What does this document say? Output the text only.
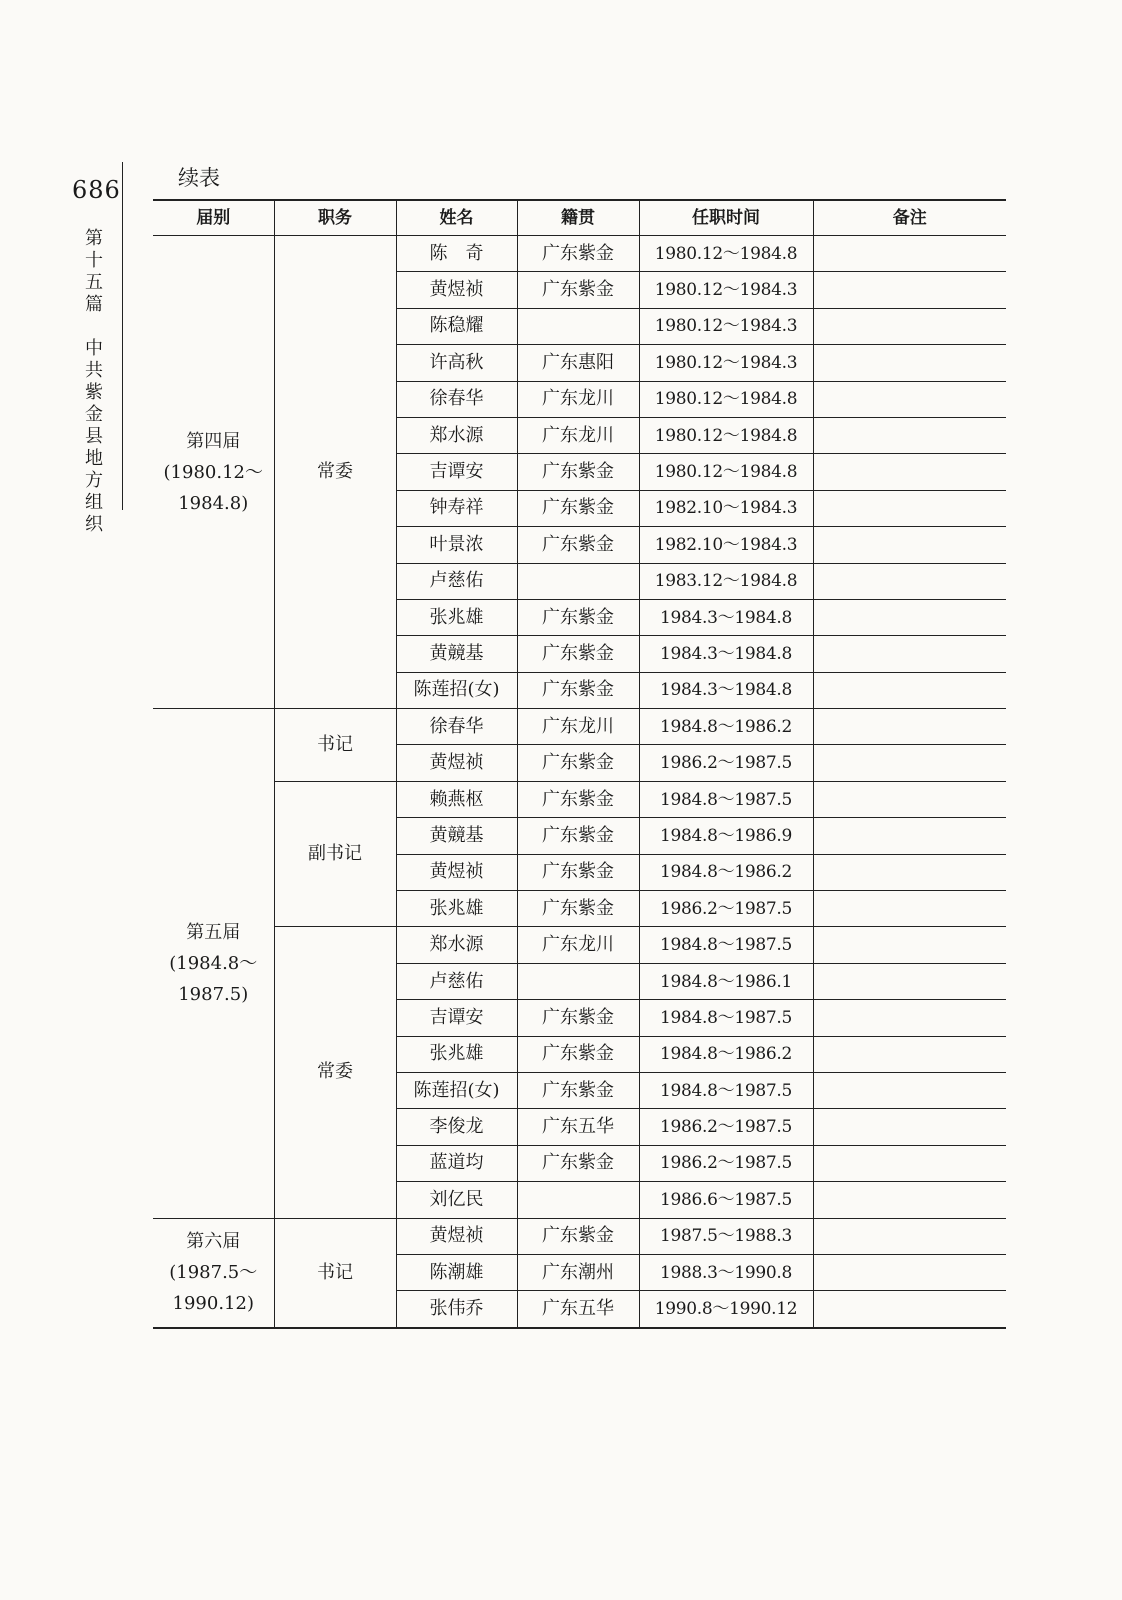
686
第十五篇　中共紫金县地方组织
续表
届别	职务	姓名	籍贯	任职时间	备注

第四届
(1980.12～
1984.8)	常委	陈　奇	广东紫金	1980.12～1984.8	
		黄煜祯	广东紫金	1980.12～1984.3	
		陈稳耀		1980.12～1984.3	
		许高秋	广东惠阳	1980.12～1984.3	
		徐春华	广东龙川	1980.12～1984.8	
		郑水源	广东龙川	1980.12～1984.8	
		吉谭安	广东紫金	1980.12～1984.8	
		钟寿祥	广东紫金	1982.10～1984.3	
		叶景浓	广东紫金	1982.10～1984.3	
		卢慈佑		1983.12～1984.8	
		张兆雄	广东紫金	1984.3～1984.8	
		黄竸基	广东紫金	1984.3～1984.8	
		陈莲招(女)	广东紫金	1984.3～1984.8	

第五届
(1984.8～
1987.5)	书记	徐春华	广东龙川	1984.8～1986.2	
		黄煜祯	广东紫金	1986.2～1987.5	
	副书记	赖燕枢	广东紫金	1984.8～1987.5	
		黄竸基	广东紫金	1984.8～1986.9	
		黄煜祯	广东紫金	1984.8～1986.2	
		张兆雄	广东紫金	1986.2～1987.5	
	常委	郑水源	广东龙川	1984.8～1987.5	
		卢慈佑		1984.8～1986.1	
		吉谭安	广东紫金	1984.8～1987.5	
		张兆雄	广东紫金	1984.8～1986.2	
		陈莲招(女)	广东紫金	1984.8～1987.5	
		李俊龙	广东五华	1986.2～1987.5	
		蓝道均	广东紫金	1986.2～1987.5	
		刘亿民		1986.6～1987.5	

第六届
(1987.5～
1990.12)	书记	黄煜祯	广东紫金	1987.5～1988.3	
		陈潮雄	广东潮州	1988.3～1990.8	
		张伟乔	广东五华	1990.8～1990.12	
